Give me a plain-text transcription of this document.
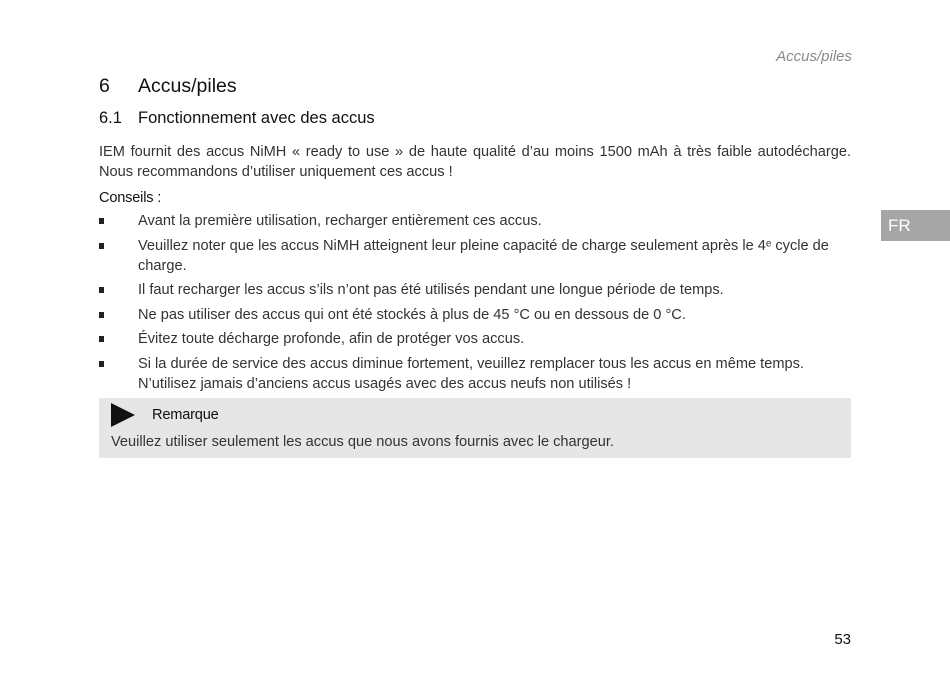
Accus/piles
FR
6	Accus/piles
6.1 Fonctionnement avec des accus
IEM fournit des accus NiMH « ready to use » de haute qualité d’au moins 1500 mAh à très faible autodécharge. Nous recommandons d’utiliser uniquement ces accus !
Conseils :
Avant la première utilisation, recharger entièrement ces accus.
Veuillez noter que les accus NiMH atteignent leur pleine capacité de charge seulement après le 4ᵉ cycle de charge.
Il faut recharger les accus s’ils n’ont pas été utilisés pendant une longue période de temps.
Ne pas utiliser des accus qui ont été stockés à plus de 45 °C ou en dessous de 0 °C.
Évitez toute décharge profonde, afin de protéger vos accus.
Si la durée de service des accus diminue fortement, veuillez remplacer tous les accus en même temps. N’utilisez jamais d’anciens accus usagés avec des accus neufs non utilisés !
Remarque
Veuillez utiliser seulement les accus que nous avons fournis avec le chargeur.
53
